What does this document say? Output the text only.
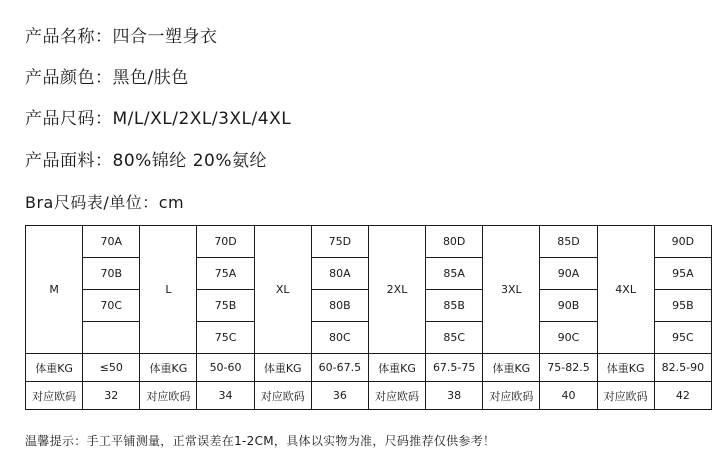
产品名称：四合一塑身衣
产品颜色：黑色/肤色
产品尺码：M/L/XL/2XL/3XL/4XL
产品面料：80%锦纶 20%氨纶
Bra尺码表/单位：cm
M	70A	L	70D	XL	75D	2XL	80D	3XL	85D	4XL	90D
	70B		75A		80A		85A		90A		95A
	70C		75B		80B		85B		90B		95B
			75C		80C		85C		90C		95C
体重KG	≤50	体重KG	50-60	体重KG	60-67.5	体重KG	67.5-75	体重KG	75-82.5	体重KG	82.5-90
对应欧码	32	对应欧码	34	对应欧码	36	对应欧码	38	对应欧码	40	对应欧码	42
温馨提示：手工平铺测量，正常误差在1-2CM，具体以实物为准，尺码推荐仅供参考！
